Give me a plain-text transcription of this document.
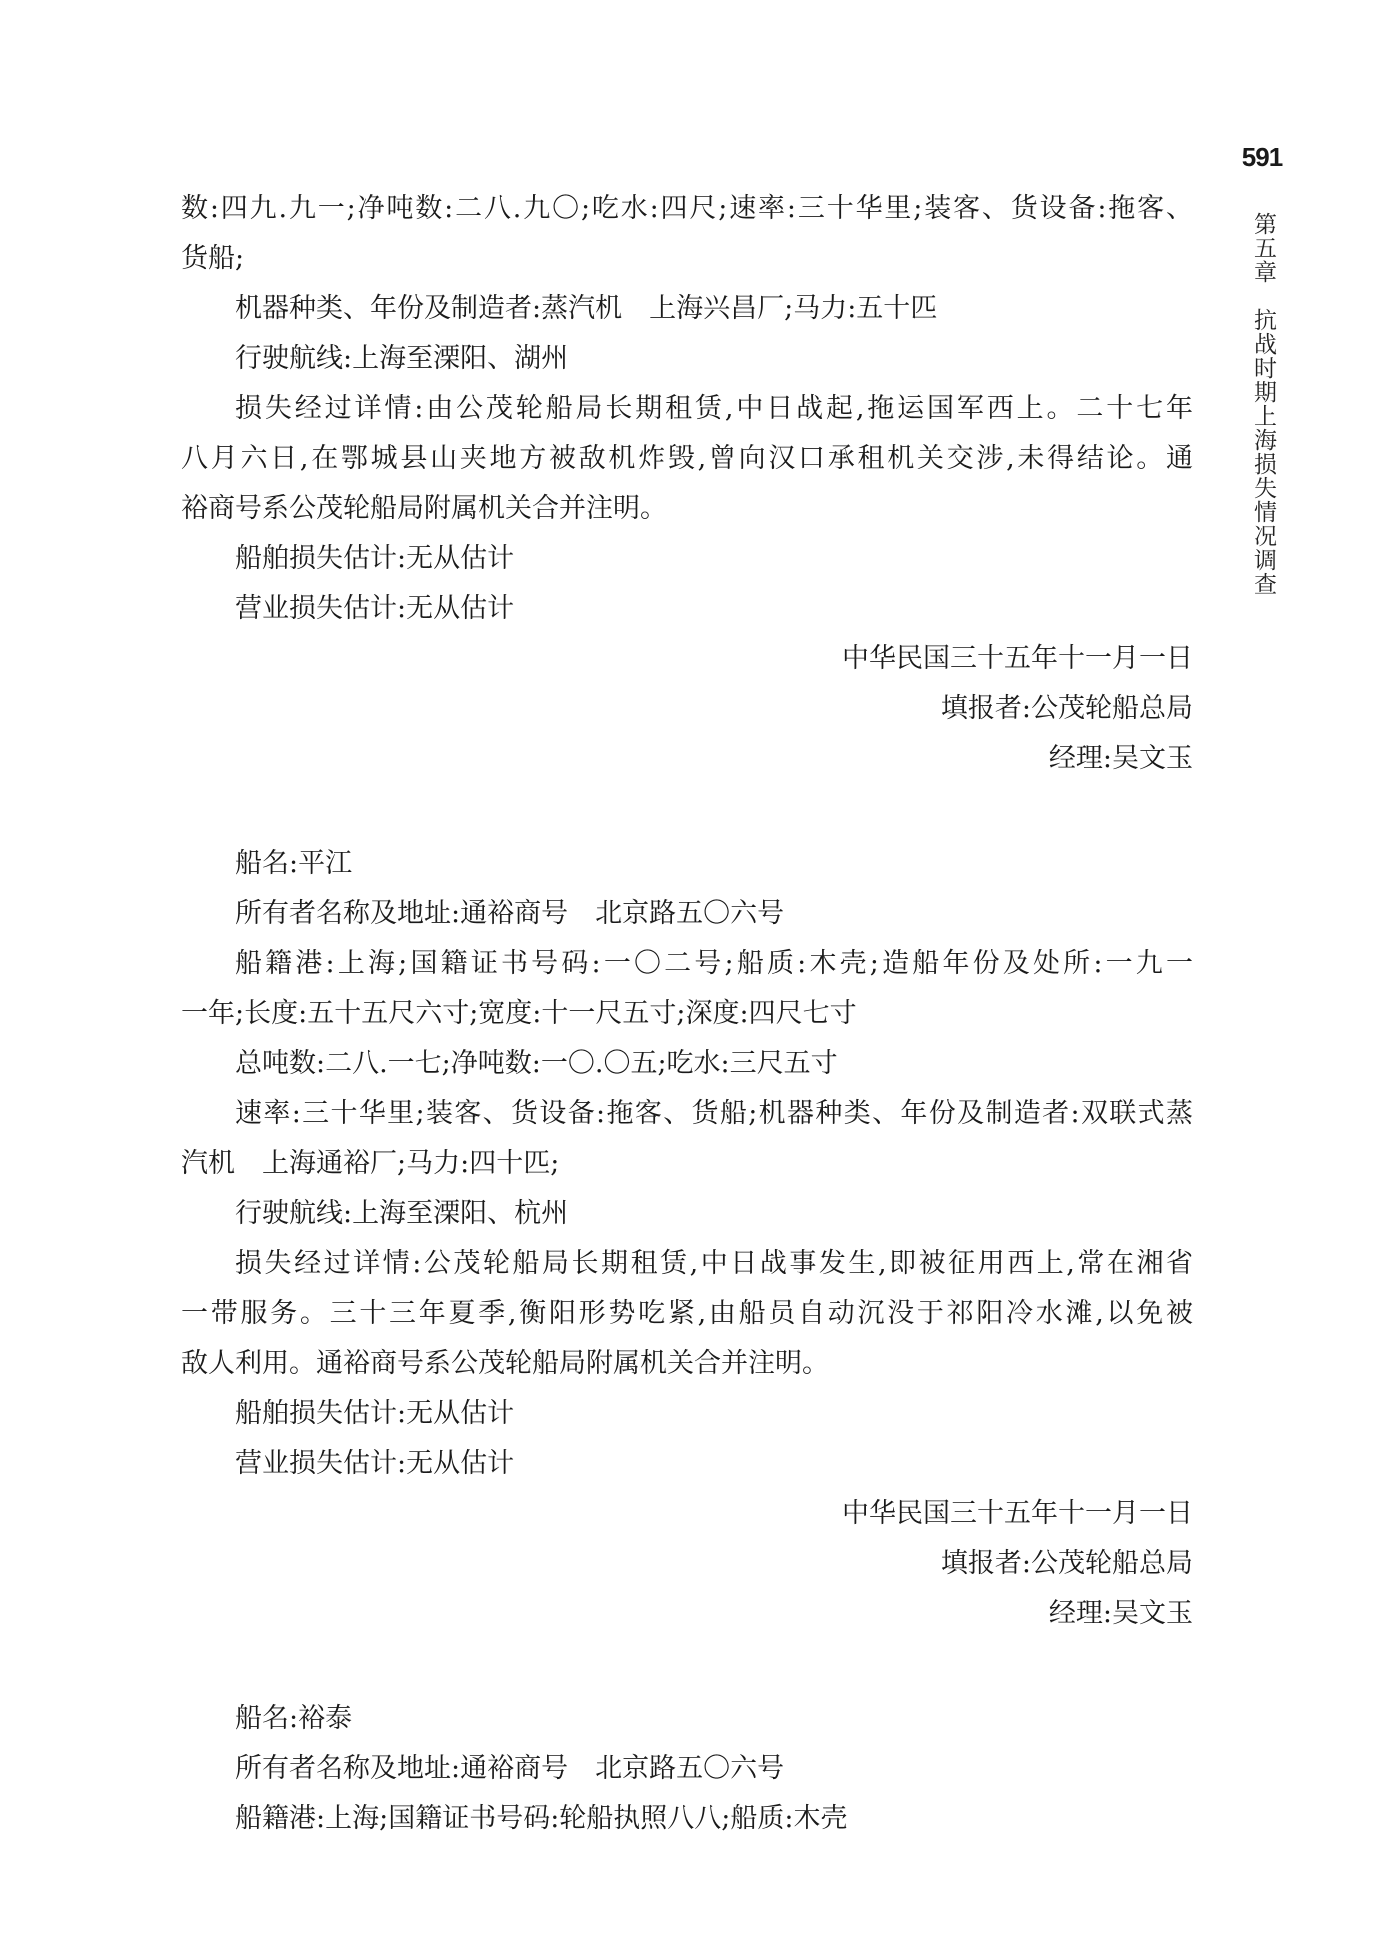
591
第五章　抗战时期上海损失情况调查
数:四九.九一;净吨数:二八.九〇;吃水:四尺;速率:三十华里;装客、货设备:拖客、
货船;
机器种类、年份及制造者:蒸汽机　上海兴昌厂;马力:五十匹
行驶航线:上海至溧阳、湖州
损失经过详情:由公茂轮船局长期租赁,中日战起,拖运国军西上。二十七年
八月六日,在鄂城县山夹地方被敌机炸毁,曾向汉口承租机关交涉,未得结论。通
裕商号系公茂轮船局附属机关合并注明。
船舶损失估计:无从估计
营业损失估计:无从估计
中华民国三十五年十一月一日
填报者:公茂轮船总局
经理:吴文玉
船名:平江
所有者名称及地址:通裕商号　北京路五〇六号
船籍港:上海;国籍证书号码:一〇二号;船质:木壳;造船年份及处所:一九一
一年;长度:五十五尺六寸;宽度:十一尺五寸;深度:四尺七寸
总吨数:二八.一七;净吨数:一〇.〇五;吃水:三尺五寸
速率:三十华里;装客、货设备:拖客、货船;机器种类、年份及制造者:双联式蒸
汽机　上海通裕厂;马力:四十匹;
行驶航线:上海至溧阳、杭州
损失经过详情:公茂轮船局长期租赁,中日战事发生,即被征用西上,常在湘省
一带服务。三十三年夏季,衡阳形势吃紧,由船员自动沉没于祁阳冷水滩,以免被
敌人利用。通裕商号系公茂轮船局附属机关合并注明。
船舶损失估计:无从估计
营业损失估计:无从估计
中华民国三十五年十一月一日
填报者:公茂轮船总局
经理:吴文玉
船名:裕泰
所有者名称及地址:通裕商号　北京路五〇六号
船籍港:上海;国籍证书号码:轮船执照八八;船质:木壳
